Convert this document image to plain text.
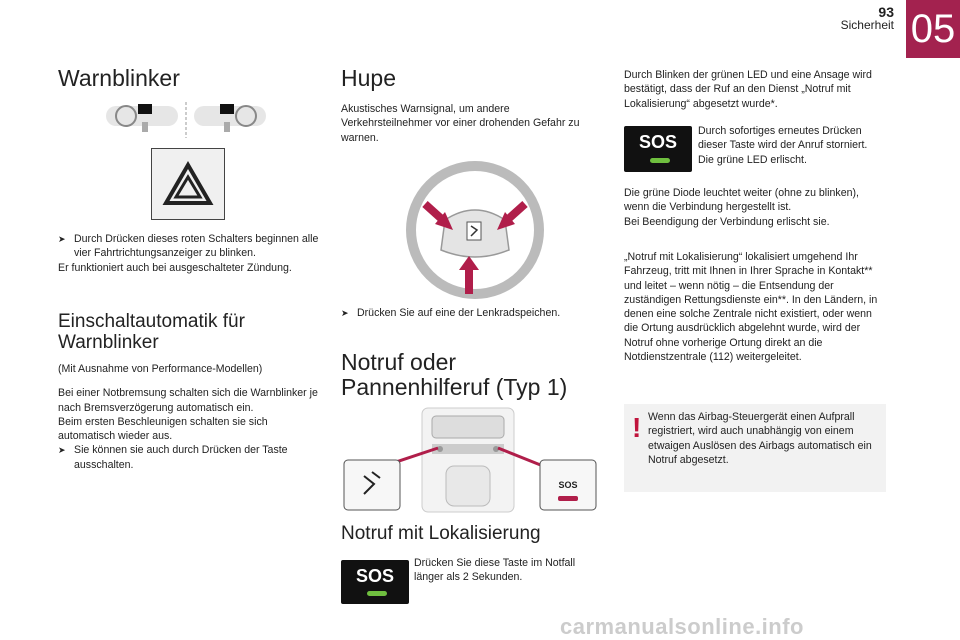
93
Sicherheit 05
Warnblinker
➤ Durch Drücken dieses roten Schalters beginnen alle vier Fahrtrichtungsanzeiger zu blinken.
Er funktioniert auch bei ausgeschalteter Zündung.
Einschaltautomatik für
Warnblinker
(Mit Ausnahme von Performance-Modellen)
Bei einer Notbremsung schalten sich die Warnblinker je nach Bremsverzögerung automatisch ein.
Beim ersten Beschleunigen schalten sie sich automatisch wieder aus.
➤ Sie können sie auch durch Drücken der Taste ausschalten.
Hupe
Akustisches Warnsignal, um andere Verkehrsteilnehmer vor einer drohenden Gefahr zu warnen.
➤ Drücken Sie auf eine der Lenkradspeichen.
Notruf oder
Pannenhilferuf (Typ 1)
SOS
Notruf mit Lokalisierung
SOS
Drücken Sie diese Taste im Notfall länger als 2 Sekunden.
Durch Blinken der grünen LED und eine Ansage wird bestätigt, dass der Ruf an den Dienst „Notruf mit Lokalisierung“ abgesetzt wurde*.
SOS
Durch sofortiges erneutes Drücken dieser Taste wird der Anruf storniert. Die grüne LED erlischt.
Die grüne Diode leuchtet weiter (ohne zu blinken), wenn die Verbindung hergestellt ist.
Bei Beendigung der Verbindung erlischt sie.
„Notruf mit Lokalisierung“ lokalisiert umgehend Ihr Fahrzeug, tritt mit Ihnen in Ihrer Sprache in Kontakt** und leitet – wenn nötig – die Entsendung der zuständigen Rettungsdienste ein**. In den Ländern, in denen eine solche Zentrale nicht existiert, oder wenn die Ortung ausdrücklich abgelehnt wurde, wird der Notruf ohne vorherige Ortung direkt an die Notdienstzentrale (112) weitergeleitet.
! Wenn das Airbag-Steuergerät einen Aufprall registriert, wird auch unabhängig von einem etwaigen Auslösen des Airbags automatisch ein Notruf abgesetzt.
carmanualsonline.info
